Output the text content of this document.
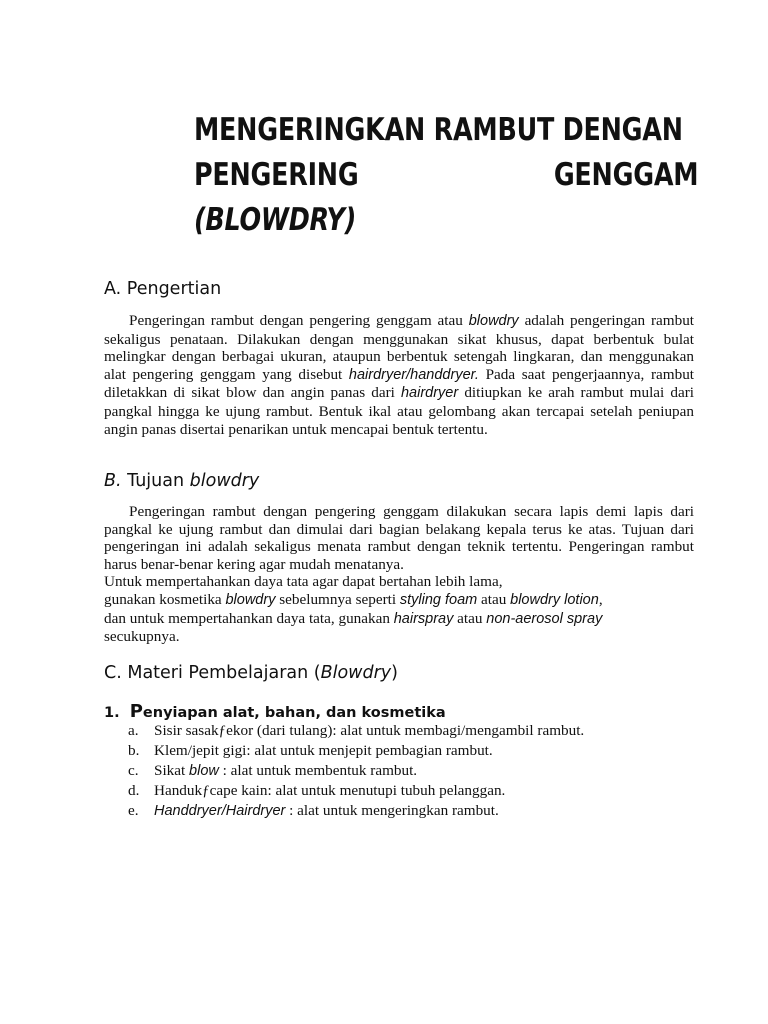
MENGERINGKAN RAMBUT DENGAN
PENGERING	GENGGAM
(BLOWDRY)
A. Pengertian
Pengeringan rambut dengan pengering genggam atau blowdry adalah pengeringan rambut sekaligus penataan. Dilakukan dengan menggunakan sikat khusus, dapat berbentuk bulat melingkar dengan berbagai ukuran, ataupun berbentuk setengah lingkaran, dan menggunakan alat pengering genggam yang disebut hairdryer/handdryer. Pada saat pengerjaannya, rambut diletakkan di sikat blow dan angin panas dari hairdryer ditiupkan ke arah rambut mulai dari pangkal hingga ke ujung rambut. Bentuk ikal atau gelombang akan tercapai setelah peniupan angin panas disertai penarikan untuk mencapai bentuk tertentu.
B. Tujuan blowdry
Pengeringan rambut dengan pengering genggam dilakukan secara lapis demi lapis dari pangkal ke ujung rambut dan dimulai dari bagian belakang kepala terus ke atas. Tujuan dari pengeringan ini adalah sekaligus menata rambut dengan teknik tertentu. Pengeringan rambut harus benar-benar kering agar mudah menatanya.
Untuk mempertahankan daya tata agar dapat bertahan lebih lama,
gunakan kosmetika blowdry sebelumnya seperti styling foam atau blowdry lotion,
dan untuk mempertahankan daya tata, gunakan hairspray atau non-aerosol spray
secukupnya.
C. Materi Pembelajaran (Blowdry)
1. Penyiapan alat, bahan, dan kosmetika
a. Sisir sasakƒekor (dari tulang): alat untuk membagi/mengambil rambut.
b. Klem/jepit gigi: alat untuk menjepit pembagian rambut.
c. Sikat blow : alat untuk membentuk rambut.
d. Handukƒcape kain: alat untuk menutupi tubuh pelanggan.
e. Handdryer/Hairdryer : alat untuk mengeringkan rambut.
